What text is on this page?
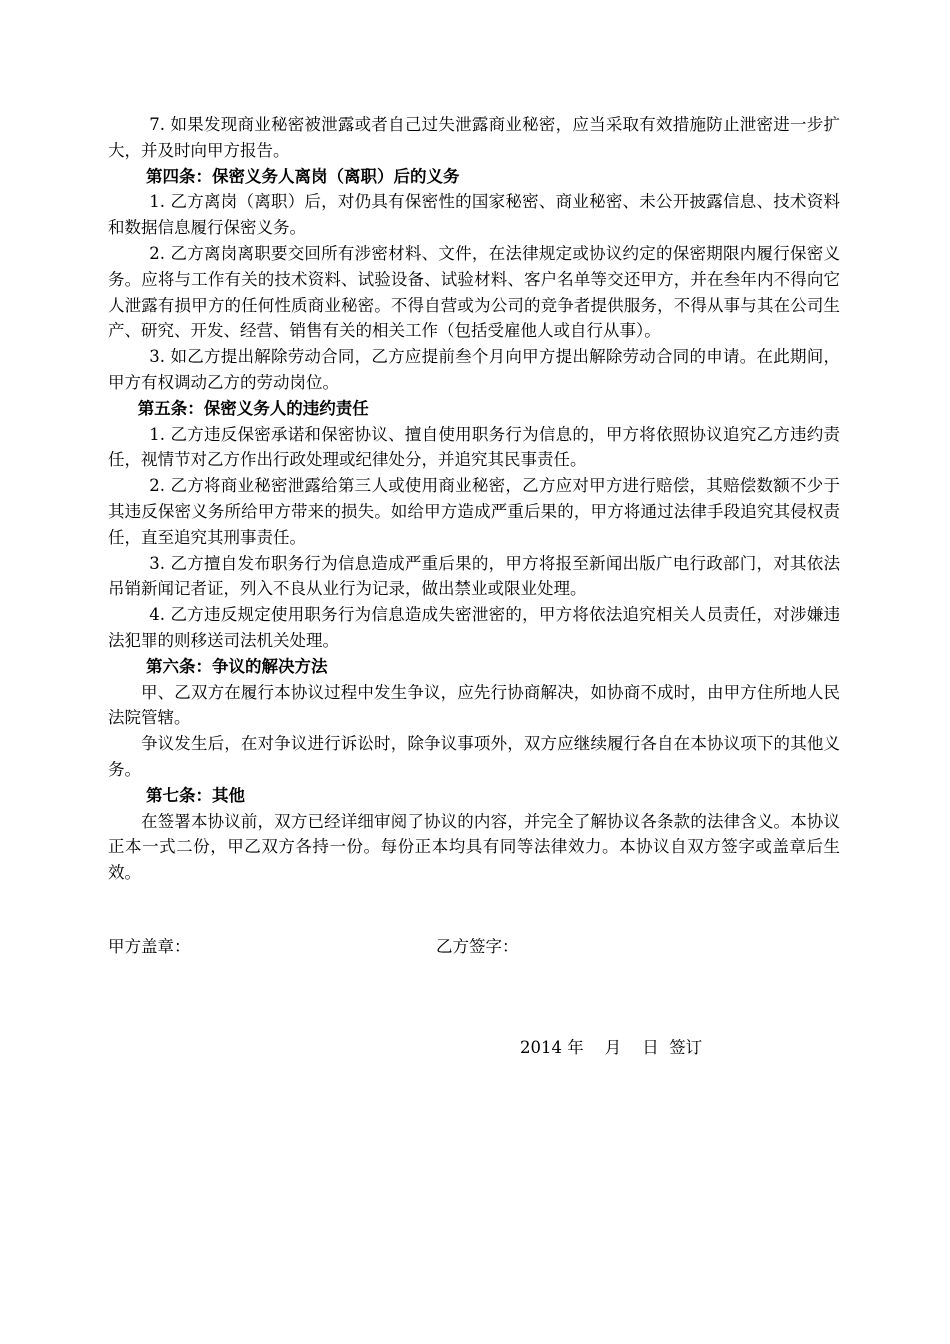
7. 如果发现商业秘密被泄露或者自己过失泄露商业秘密，应当采取有效措施防止泄密进一步扩大，并及时向甲方报告。

第四条：保密义务人离岗（离职）后的义务

1. 乙方离岗（离职）后，对仍具有保密性的国家秘密、商业秘密、未公开披露信息、技术资料和数据信息履行保密义务。

2. 乙方离岗离职要交回所有涉密材料、文件，在法律规定或协议约定的保密期限内履行保密义务。应将与工作有关的技术资料、试验设备、试验材料、客户名单等交还甲方，并在叁年内不得向它人泄露有损甲方的任何性质商业秘密。不得自营或为公司的竞争者提供服务，不得从事与其在公司生产、研究、开发、经营、销售有关的相关工作（包括受雇他人或自行从事）。

3. 如乙方提出解除劳动合同，乙方应提前叁个月向甲方提出解除劳动合同的申请。在此期间，甲方有权调动乙方的劳动岗位。

第五条：保密义务人的违约责任

1. 乙方违反保密承诺和保密协议、擅自使用职务行为信息的，甲方将依照协议追究乙方违约责任，视情节对乙方作出行政处理或纪律处分，并追究其民事责任。

2. 乙方将商业秘密泄露给第三人或使用商业秘密，乙方应对甲方进行赔偿，其赔偿数额不少于其违反保密义务所给甲方带来的损失。如给甲方造成严重后果的，甲方将通过法律手段追究其侵权责任，直至追究其刑事责任。

3. 乙方擅自发布职务行为信息造成严重后果的，甲方将报至新闻出版广电行政部门，对其依法吊销新闻记者证，列入不良从业行为记录，做出禁业或限业处理。

4. 乙方违反规定使用职务行为信息造成失密泄密的，甲方将依法追究相关人员责任，对涉嫌违法犯罪的则移送司法机关处理。

第六条：争议的解决方法

甲、乙双方在履行本协议过程中发生争议，应先行协商解决，如协商不成时，由甲方住所地人民法院管辖。

争议发生后，在对争议进行诉讼时，除争议事项外，双方应继续履行各自在本协议项下的其他义务。

第七条：其他

在签署本协议前，双方已经详细审阅了协议的内容，并完全了解协议各条款的法律含义。本协议正本一式二份，甲乙双方各持一份。每份正本均具有同等法律效力。本协议自双方签字或盖章后生效。

甲方盖章：	乙方签字：
2014 年    月    日  签订
